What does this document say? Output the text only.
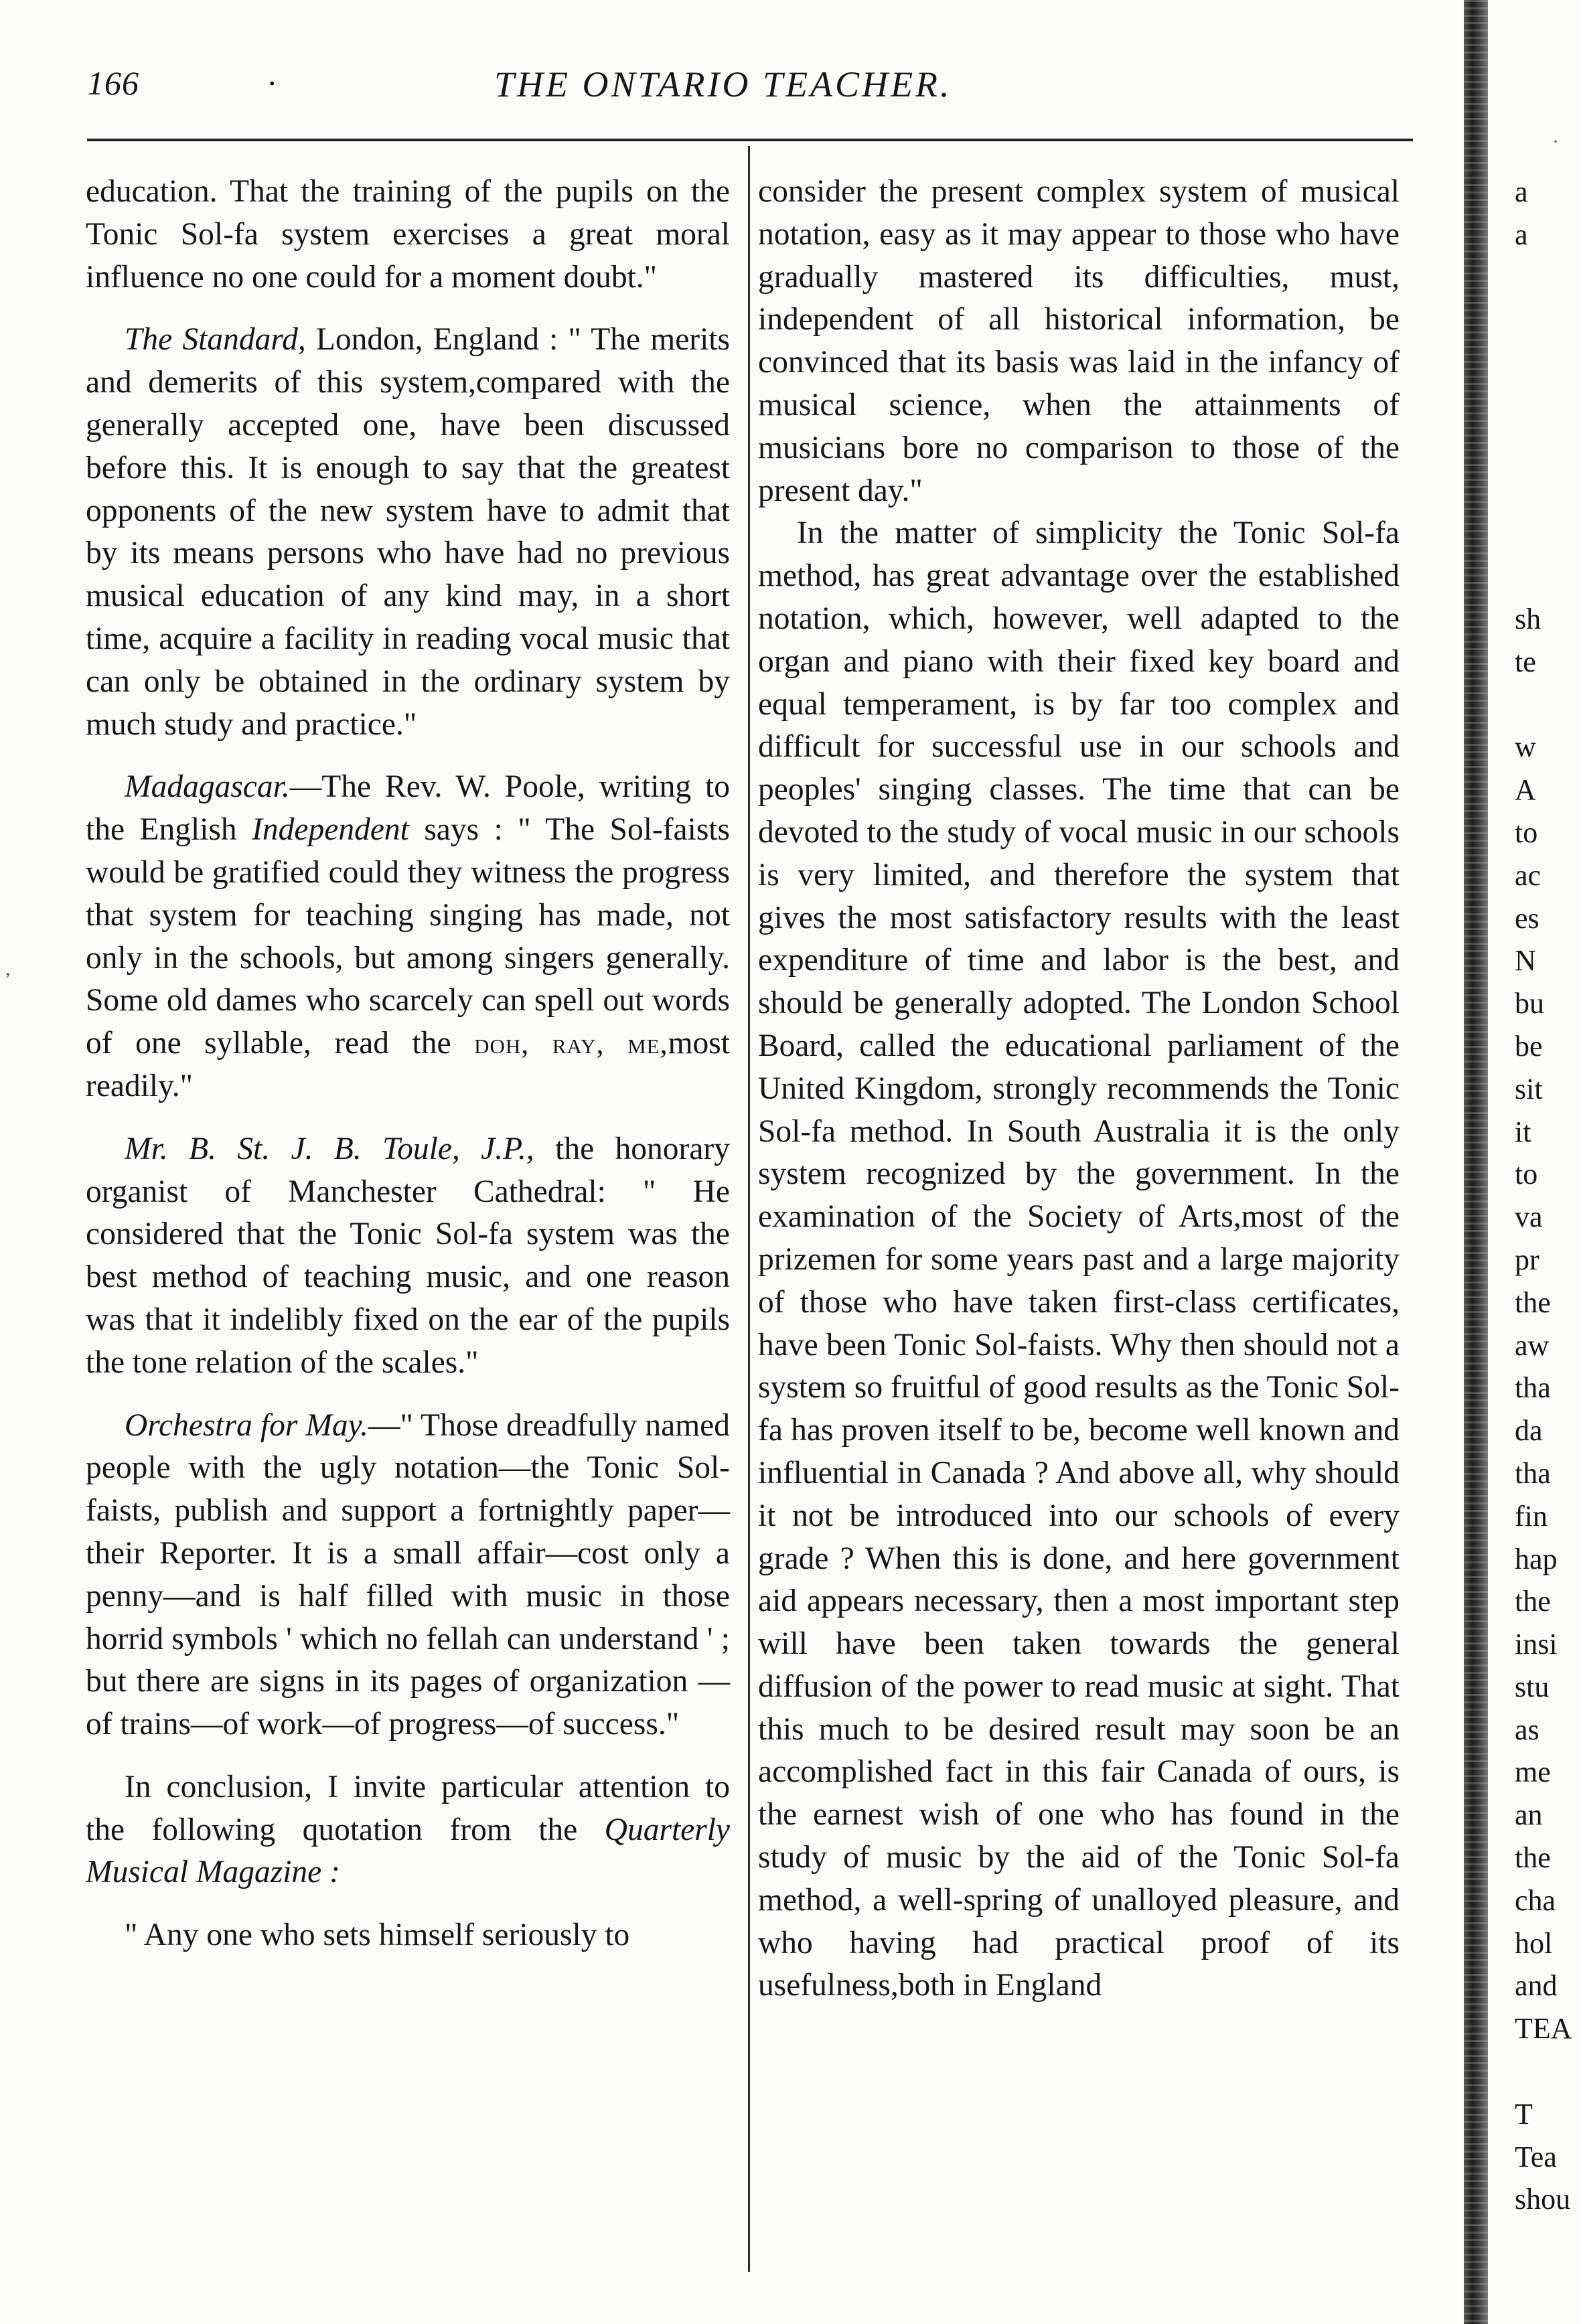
166	·	THE ONTARIO TEACHER.

education. That the training of the pupils on the Tonic Sol-fa system exercises a great moral influence no one could for a moment doubt."

The Standard, London, England : " The merits and demerits of this system,compared with the generally accepted one, have been discussed before this. It is enough to say that the greatest opponents of the new system have to admit that by its means persons who have had no previous musical education of any kind may, in a short time, acquire a facility in reading vocal music that can only be obtained in the ordinary system by much study and practice."

Madagascar.—The Rev. W. Poole, writing to the English Independent says : " The Sol-faists would be gratified could they witness the progress that system for teaching singing has made, not only in the schools, but among singers generally. Some old dames who scarcely can spell out words of one syllable, read the doh, ray, me,most readily."

Mr. B. St. J. B. Toule, J.P., the honorary organist of Manchester Cathedral: " He considered that the Tonic Sol-fa system was the best method of teaching music, and one reason was that it indelibly fixed on the ear of the pupils the tone relation of the scales."

Orchestra for May.—" Those dreadfully named people with the ugly notation—the Tonic Sol-faists, publish and support a fortnightly paper—their Reporter. It is a small affair—cost only a penny—and is half filled with music in those horrid symbols ' which no fellah can understand ' ; but there are signs in its pages of organization —of trains—of work—of progress—of success."

In conclusion, I invite particular attention to the following quotation from the Quarterly Musical Magazine :

" Any one who sets himself seriously to

consider the present complex system of musical notation, easy as it may appear to those who have gradually mastered its difficulties, must, independent of all historical information, be convinced that its basis was laid in the infancy of musical science, when the attainments of musicians bore no comparison to those of the present day."

In the matter of simplicity the Tonic Sol-fa method, has great advantage over the established notation, which, however, well adapted to the organ and piano with their fixed key board and equal temperament, is by far too complex and difficult for successful use in our schools and peoples' singing classes. The time that can be devoted to the study of vocal music in our schools is very limited, and therefore the system that gives the most satisfactory results with the least expenditure of time and labor is the best, and should be generally adopted. The London School Board, called the educational parliament of the United Kingdom, strongly recommends the Tonic Sol-fa method. In South Australia it is the only system recognized by the government. In the examination of the Society of Arts,most of the prizemen for some years past and a large majority of those who have taken first-class certificates, have been Tonic Sol-faists. Why then should not a system so fruitful of good results as the Tonic Sol-fa has proven itself to be, become well known and influential in Canada ? And above all, why should it not be introduced into our schools of every grade ? When this is done, and here government aid appears necessary, then a most important step will have been taken towards the general diffusion of the power to read music at sight. That this much to be desired result may soon be an accomplished fact in this fair Canada of ours, is the earnest wish of one who has found in the study of music by the aid of the Tonic Sol-fa method, a well-spring of unalloyed pleasure, and who having had practical proof of its usefulness,both in England

a
a
sh
te
w
A
to
ac
es
N
bu
be
sit
it
to
va
pr
the
aw
tha
da
tha
fin
hap
the
insi
stu
as
me
an
the
cha
hol
and
TEA
T
Tea
shou
·
,
